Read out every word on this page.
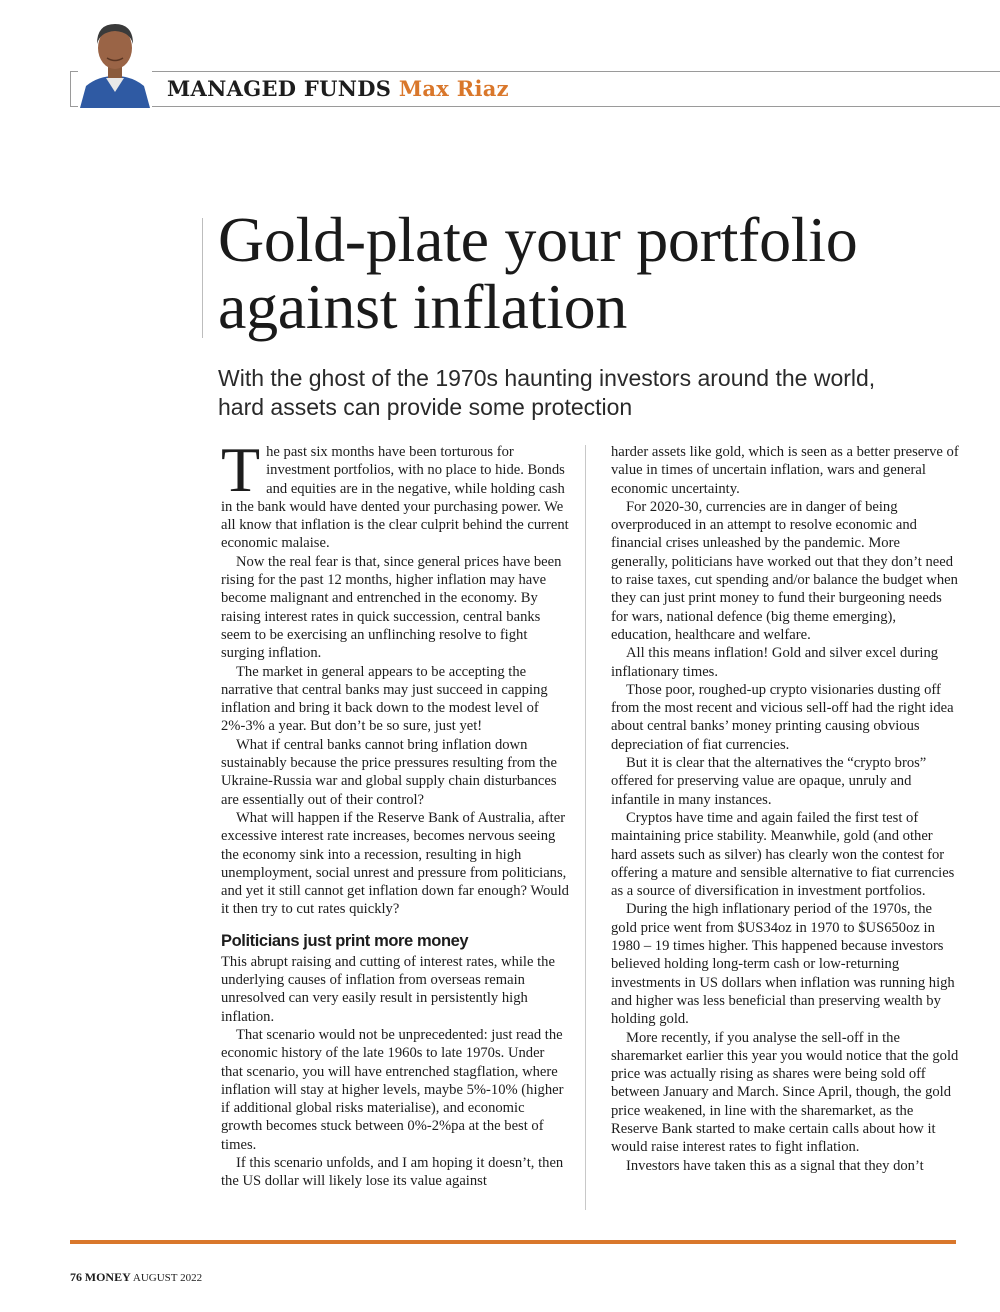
MANAGED FUNDS Max Riaz
Gold-plate your portfolio
against inflation
With the ghost of the 1970s haunting investors around the world,
hard assets can provide some protection

The past six months have been torturous for investment portfolios, with no place to hide. Bonds and equities are in the negative, while holding cash in the bank would have dented your purchasing power. We all know that inflation is the clear culprit behind the current economic malaise.

Now the real fear is that, since general prices have been rising for the past 12 months, higher inflation may have become malignant and entrenched in the economy. By raising interest rates in quick succession, central banks seem to be exercising an unflinching resolve to fight surging inflation.

The market in general appears to be accepting the narrative that central banks may just succeed in capping inflation and bring it back down to the modest level of 2%-3% a year. But don’t be so sure, just yet!

What if central banks cannot bring inflation down sustainably because the price pressures resulting from the Ukraine-Russia war and global supply chain disturbances are essentially out of their control?

What will happen if the Reserve Bank of Australia, after excessive interest rate increases, becomes nervous seeing the economy sink into a recession, resulting in high unemployment, social unrest and pressure from politicians, and yet it still cannot get inflation down far enough? Would it then try to cut rates quickly?

Politicians just print more money

This abrupt raising and cutting of interest rates, while the underlying causes of inflation from overseas remain unresolved can very easily result in persistently high inflation.

That scenario would not be unprecedented: just read the economic history of the late 1960s to late 1970s. Under that scenario, you will have entrenched stagflation, where inflation will stay at higher levels, maybe 5%-10% (higher if additional global risks materialise), and economic growth becomes stuck between 0%-2%pa at the best of times.

If this scenario unfolds, and I am hoping it doesn’t, then the US dollar will likely lose its value against

harder assets like gold, which is seen as a better preserve of value in times of uncertain inflation, wars and general economic uncertainty.

For 2020-30, currencies are in danger of being overproduced in an attempt to resolve economic and financial crises unleashed by the pandemic. More generally, politicians have worked out that they don’t need to raise taxes, cut spending and/or balance the budget when they can just print money to fund their burgeoning needs for wars, national defence (big theme emerging), education, healthcare and welfare.

All this means inflation! Gold and silver excel during inflationary times.

Those poor, roughed-up crypto visionaries dusting off from the most recent and vicious sell-off had the right idea about central banks’ money printing causing obvious depreciation of fiat currencies.

But it is clear that the alternatives the “crypto bros” offered for preserving value are opaque, unruly and infantile in many instances.

Cryptos have time and again failed the first test of maintaining price stability. Meanwhile, gold (and other hard assets such as silver) has clearly won the contest for offering a mature and sensible alternative to fiat currencies as a source of diversification in investment portfolios.

During the high inflationary period of the 1970s, the gold price went from $US34oz in 1970 to $US650oz in 1980 – 19 times higher. This happened because investors believed holding long-term cash or low-returning investments in US dollars when inflation was running high and higher was less beneficial than preserving wealth by holding gold.

More recently, if you analyse the sell-off in the sharemarket earlier this year you would notice that the gold price was actually rising as shares were being sold off between January and March. Since April, though, the gold price weakened, in line with the sharemarket, as the Reserve Bank started to make certain calls about how it would raise interest rates to fight inflation.

Investors have taken this as a signal that they don’t

76 MONEY AUGUST 2022
